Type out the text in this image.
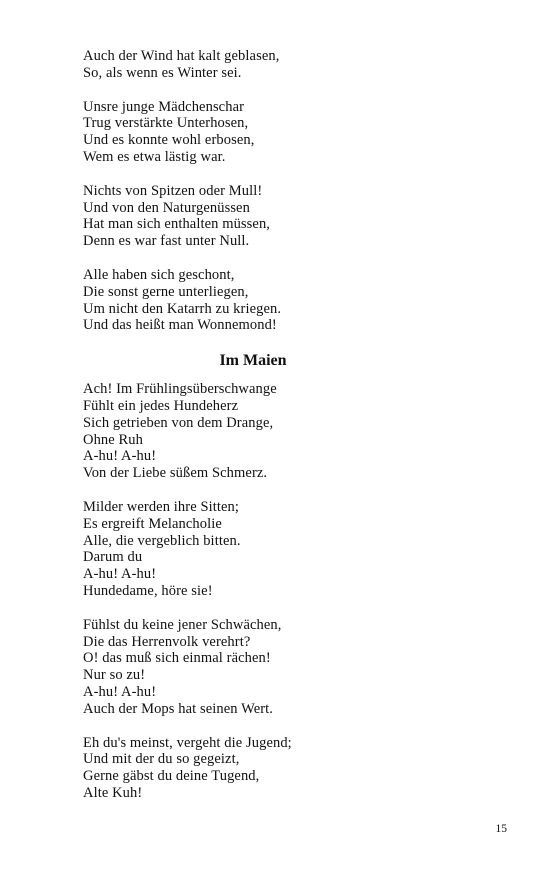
Auch der Wind hat kalt geblasen,
So, als wenn es Winter sei.
Unsre junge Mädchenschar
Trug verstärkte Unterhosen,
Und es konnte wohl erbosen,
Wem es etwa lästig war.
Nichts von Spitzen oder Mull!
Und von den Naturgenüssen
Hat man sich enthalten müssen,
Denn es war fast unter Null.
Alle haben sich geschont,
Die sonst gerne unterliegen,
Um nicht den Katarrh zu kriegen.
Und das heißt man Wonnemond!
Im Maien
Ach! Im Frühlingsüberschwange
Fühlt ein jedes Hundeherz
Sich getrieben von dem Drange,
Ohne Ruh
A-hu! A-hu!
Von der Liebe süßem Schmerz.
Milder werden ihre Sitten;
Es ergreift Melancholie
Alle, die vergeblich bitten.
Darum du
A-hu! A-hu!
Hundedame, höre sie!
Fühlst du keine jener Schwächen,
Die das Herrenvolk verehrt?
O! das muß sich einmal rächen!
Nur so zu!
A-hu! A-hu!
Auch der Mops hat seinen Wert.
Eh du's meinst, vergeht die Jugend;
Und mit der du so gegeizt,
Gerne gäbst du deine Tugend,
Alte Kuh!
15
